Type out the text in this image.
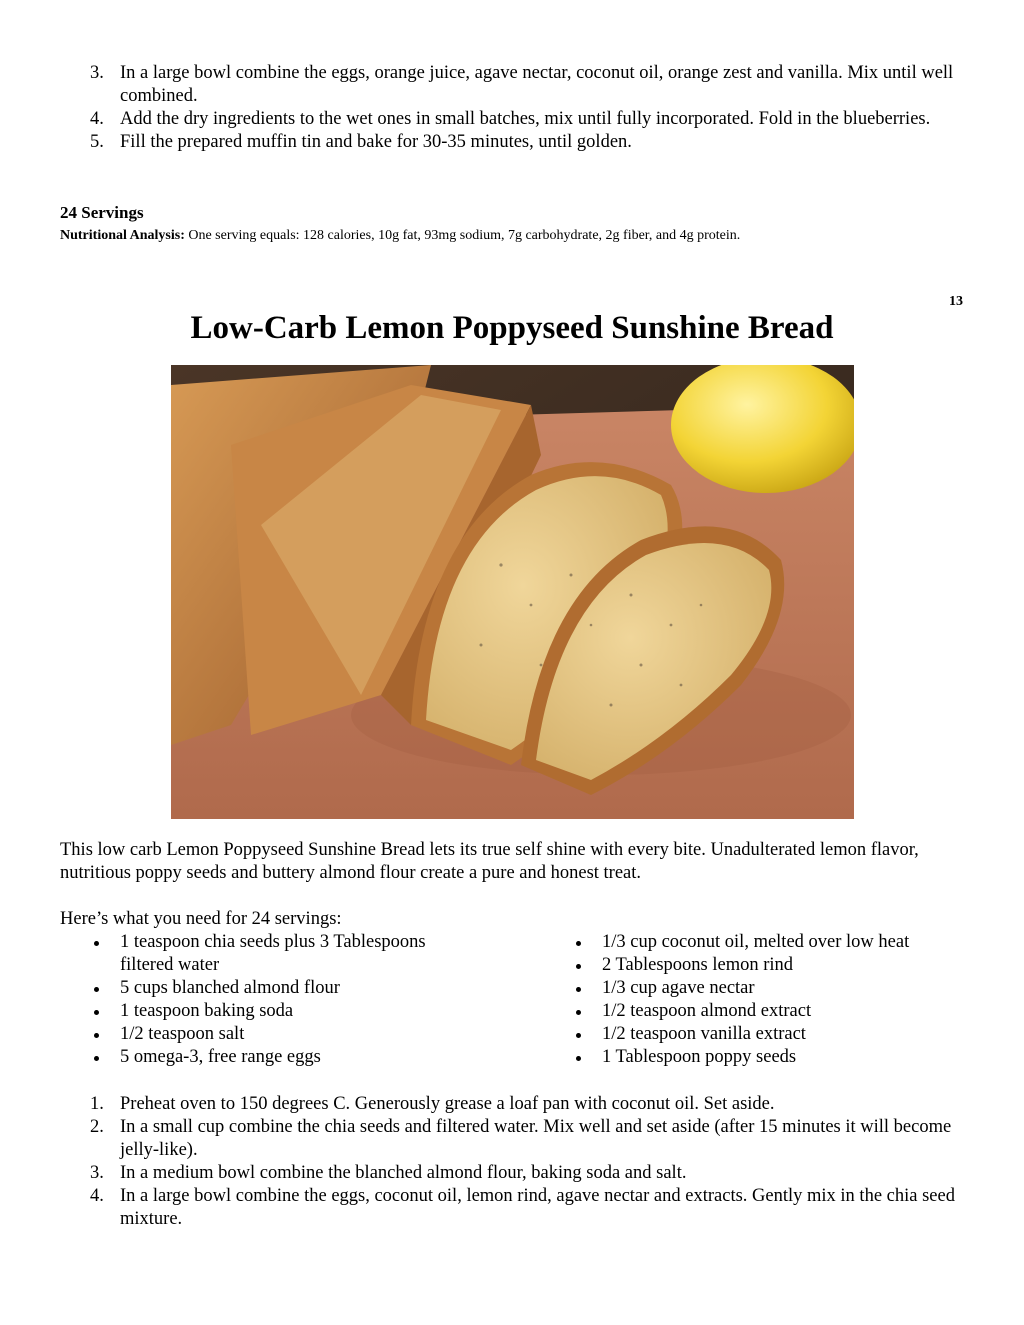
3. In a large bowl combine the eggs, orange juice, agave nectar, coconut oil, orange zest and vanilla. Mix until well combined.
4. Add the dry ingredients to the wet ones in small batches, mix until fully incorporated. Fold in the blueberries.
5. Fill the prepared muffin tin and bake for 30-35 minutes, until golden.
24 Servings
Nutritional Analysis: One serving equals: 128 calories, 10g fat, 93mg sodium, 7g carbohydrate, 2g fiber, and 4g protein.
13
Low-Carb Lemon Poppyseed Sunshine Bread

This low carb Lemon Poppyseed Sunshine Bread lets its true self shine with every bite. Unadulterated lemon flavor, nutritious poppy seeds and buttery almond flour create a pure and honest treat.

Here’s what you need for 24 servings:

1 teaspoon chia seeds plus 3 Tablespoons filtered water
5 cups blanched almond flour
1 teaspoon baking soda
1/2 teaspoon salt
5 omega-3, free range eggs
1/3 cup coconut oil, melted over low heat
2 Tablespoons lemon rind
1/3 cup agave nectar
1/2 teaspoon almond extract
1/2 teaspoon vanilla extract
1 Tablespoon poppy seeds
1. Preheat oven to 150 degrees C. Generously grease a loaf pan with coconut oil. Set aside.
2. In a small cup combine the chia seeds and filtered water. Mix well and set aside (after 15 minutes it will become jelly-like).
3. In a medium bowl combine the blanched almond flour, baking soda and salt.
4. In a large bowl combine the eggs, coconut oil, lemon rind, agave nectar and extracts. Gently mix in the chia seed mixture.
